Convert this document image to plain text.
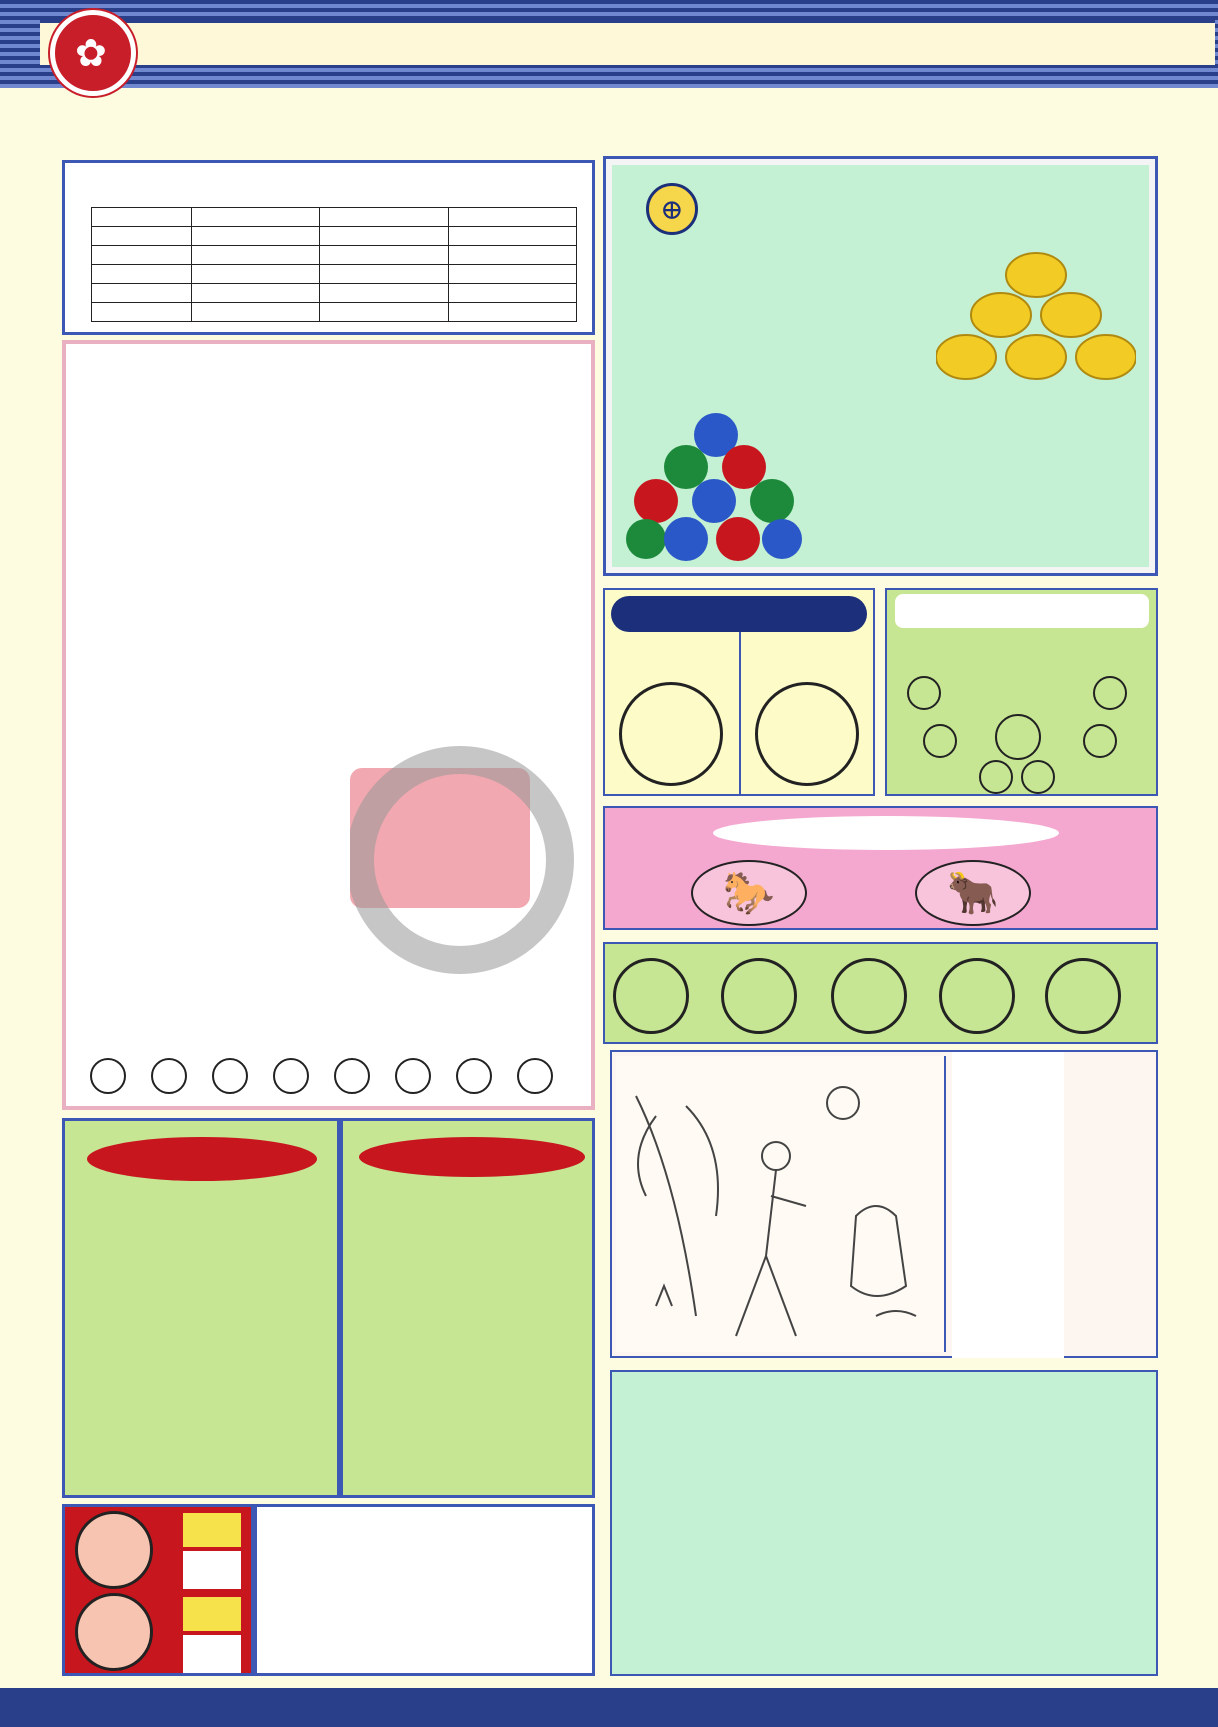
✿

⊕
🐎	🐂
